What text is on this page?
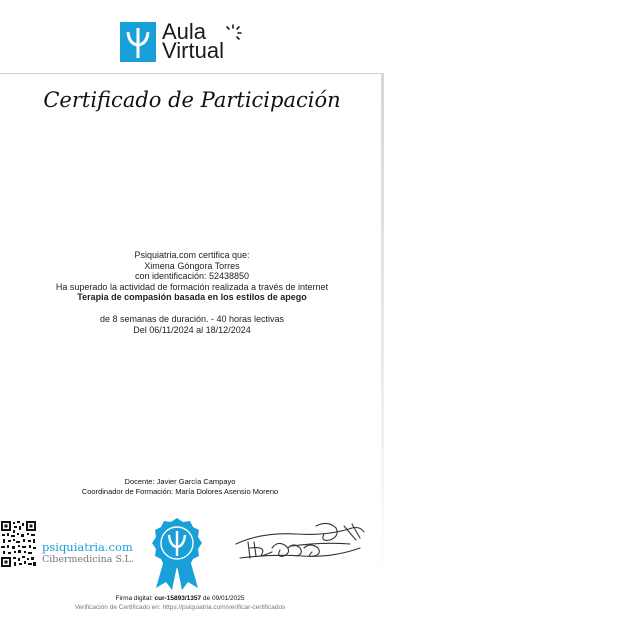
Aula
Virtual
Certificado de Participación
Psiquiatria.com certifica que:
Ximena Góngora Torres
con identificación: 52438850
Ha superado la actividad de formación realizada a través de internet
Terapia de compasión basada en los estilos de apego
de 8 semanas de duración. - 40 horas lectivas
Del 06/11/2024 al 18/12/2024
Docente: Javier García Campayo
Coordinador de Formación: María Dolores Asensio Moreno
psiquiatria.com
Cibermedicina S.L.
Firma digital: cur-15893/1357 de 09/01/2025
Verificación de Certificado en: https://psiquiatria.com/verificar-certificados
